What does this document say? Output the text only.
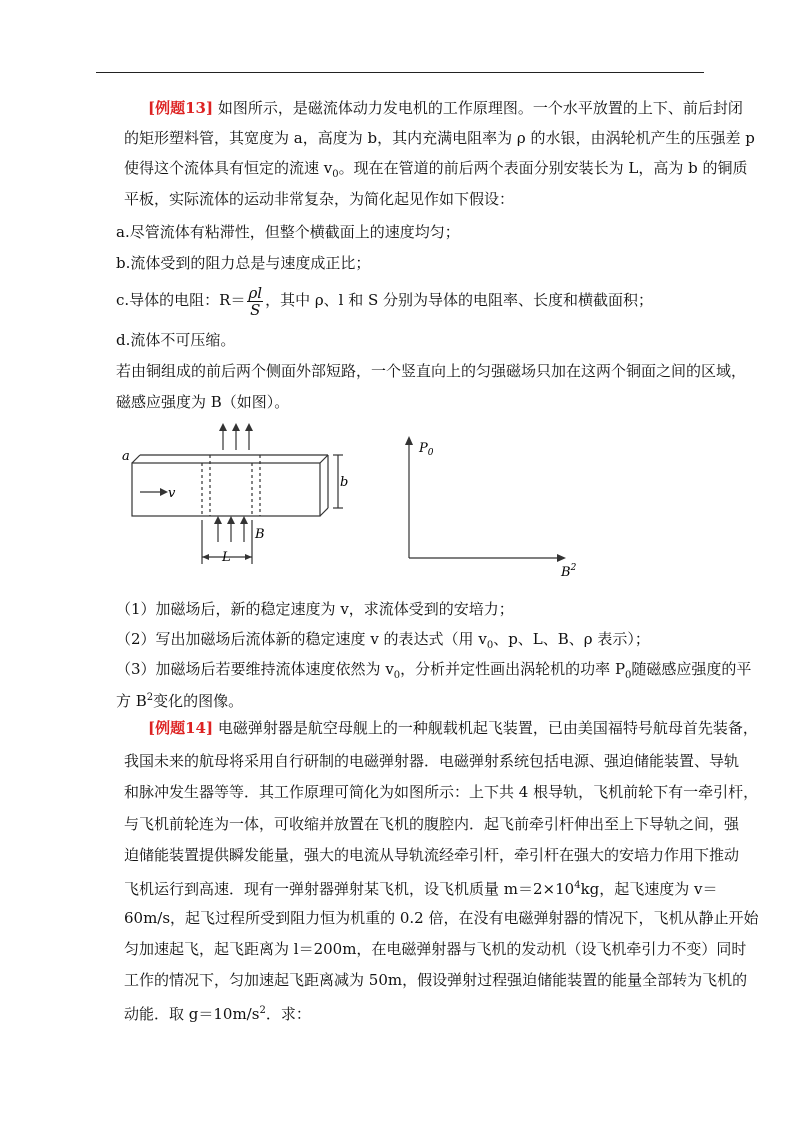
[例题13] 如图所示，是磁流体动力发电机的工作原理图。一个水平放置的上下、前后封闭
的矩形塑料管，其宽度为 a，高度为 b，其内充满电阻率为 ρ 的水银，由涡轮机产生的压强差 p
使得这个流体具有恒定的流速 $v_0$。现在在管道的前后两个表面分别安装长为 L，高为 b 的铜质
平板，实际流体的运动非常复杂，为简化起见作如下假设：
a.尽管流体有粘滞性，但整个横截面上的速度均匀；
b.流体受到的阻力总是与速度成正比；
c.导体的电阻：$R= \frac{\rho l}{S}$ ，其中 ρ、l 和 S 分别为导体的电阻率、长度和横截面积；
d.流体不可压缩。
若由铜组成的前后两个侧面外部短路，一个竖直向上的匀强磁场只加在这两个铜面之间的区域，
磁感应强度为 B（如图）。
a
v
b
B
L
$P_0$
$B^2$
（1）加磁场后，新的稳定速度为 v，求流体受到的安培力；
（2）写出加磁场后流体新的稳定速度 v 的表达式（用 $v_0$、p、L、B、ρ 表示）；
（3）加磁场后若要维持流体速度依然为 $v_0$，分析并定性画出涡轮机的功率 $P_0$随磁感应强度的平
方 $B^2$变化的图像。
[例题14] 电磁弹射器是航空母舰上的一种舰载机起飞装置，已由美国福特号航母首先装备，
我国未来的航母将采用自行研制的电磁弹射器．电磁弹射系统包括电源、强迫储能装置、导轨
和脉冲发生器等等．其工作原理可简化为如图所示：上下共 4 根导轨，飞机前轮下有一牵引杆，
与飞机前轮连为一体，可收缩并放置在飞机的腹腔内．起飞前牵引杆伸出至上下导轨之间，强
迫储能装置提供瞬发能量，强大的电流从导轨流经牵引杆，牵引杆在强大的安培力作用下推动
飞机运行到高速．现有一弹射器弹射某飞机，设飞机质量 $m=2\times 10^4kg$，起飞速度为 v＝
60m/s，起飞过程所受到阻力恒为机重的 0.2 倍，在没有电磁弹射器的情况下，飞机从静止开始
匀加速起飞，起飞距离为 l＝200m，在电磁弹射器与飞机的发动机（设飞机牵引力不变）同时
工作的情况下，匀加速起飞距离减为 50m，假设弹射过程强迫储能装置的能量全部转为飞机的
动能．取 $g=10m/s^2$．求：
